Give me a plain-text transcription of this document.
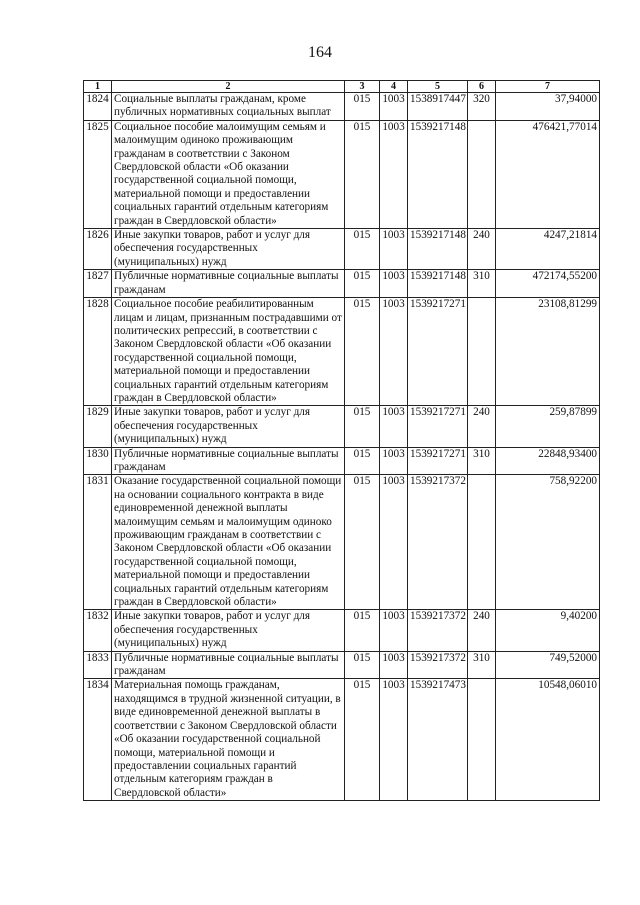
164
1	2	3	4	5	6	7
1824	Социальные выплаты гражданам, кроме публичных нормативных социальных выплат	015	1003	1538917447	320	37,94000
1825	Социальное пособие малоимущим семьям и малоимущим одиноко проживающим гражданам в соответствии с Законом Свердловской области «Об оказании государственной социальной помощи, материальной помощи и предоставлении социальных гарантий отдельным категориям граждан в Свердловской области»	015	1003	1539217148		476421,77014
1826	Иные закупки товаров, работ и услуг для обеспечения государственных (муниципальных) нужд	015	1003	1539217148	240	4247,21814
1827	Публичные нормативные социальные выплаты гражданам	015	1003	1539217148	310	472174,55200
1828	Социальное пособие реабилитированным лицам и лицам, признанным пострадавшими от политических репрессий, в соответствии с Законом Свердловской области «Об оказании государственной социальной помощи, материальной помощи и предоставлении социальных гарантий отдельным категориям граждан в Свердловской области»	015	1003	1539217271		23108,81299
1829	Иные закупки товаров, работ и услуг для обеспечения государственных (муниципальных) нужд	015	1003	1539217271	240	259,87899
1830	Публичные нормативные социальные выплаты гражданам	015	1003	1539217271	310	22848,93400
1831	Оказание государственной социальной помощи на основании социального контракта в виде единовременной денежной выплаты малоимущим семьям и малоимущим одиноко проживающим гражданам в соответствии с Законом Свердловской области «Об оказании государственной социальной помощи, материальной помощи и предоставлении социальных гарантий отдельным категориям граждан в Свердловской области»	015	1003	1539217372		758,92200
1832	Иные закупки товаров, работ и услуг для обеспечения государственных (муниципальных) нужд	015	1003	1539217372	240	9,40200
1833	Публичные нормативные социальные выплаты гражданам	015	1003	1539217372	310	749,52000
1834	Материальная помощь гражданам, находящимся в трудной жизненной ситуации, в виде единовременной денежной выплаты в соответствии с Законом Свердловской области «Об оказании государственной социальной помощи, материальной помощи и предоставлении социальных гарантий отдельным категориям граждан в Свердловской области»	015	1003	1539217473		10548,06010
